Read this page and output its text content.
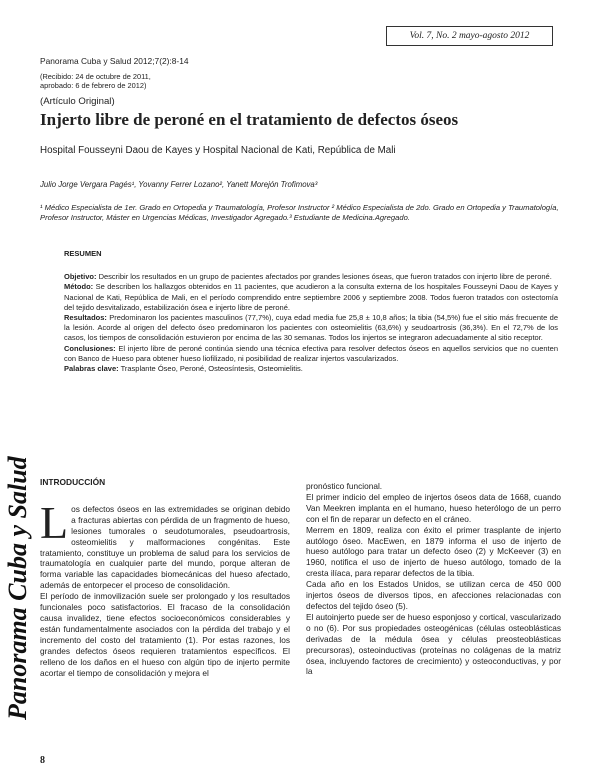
Vol. 7, No. 2 mayo-agosto 2012
Panorama Cuba y Salud 2012;7(2):8-14
(Recibido: 24 de octubre de 2011,
aprobado: 6 de febrero de 2012)
(Artículo Original)
Injerto libre de peroné en el tratamiento de defectos óseos
Hospital Fousseyni Daou de Kayes y Hospital Nacional de Kati, República de Mali
Julio Jorge Vergara Pagés¹, Yovanny Ferrer Lozano², Yanett Morejón Trofimova³
¹ Médico Especialista de 1er. Grado en Ortopedia y Traumatología, Profesor Instructor ² Médico Especialista de 2do. Grado en Ortopedia y Traumatología, Profesor Instructor, Máster en Urgencias Médicas, Investigador Agregado.³ Estudiante de Medicina.Agregado.
RESUMEN

Objetivo: Describir los resultados en un grupo de pacientes afectados por grandes lesiones óseas, que fueron tratados con injerto libre de peroné.

Método: Se describen los hallazgos obtenidos en 11 pacientes, que acudieron a la consulta externa de los hospitales Fousseyni Daou de Kayes y Nacional de Kati, República de Mali, en el período comprendido entre septiembre 2006 y septiembre 2008. Todos fueron tratados con ostectomía del tejido desvitalizado, estabilización ósea e injerto libre de peroné.

Resultados: Predominaron los pacientes masculinos (77,7%), cuya edad media fue 25,8 ± 10,8 años; la tibia (54,5%) fue el sitio más frecuente de la lesión. Acorde al origen del defecto óseo predominaron los pacientes con osteomielitis (63,6%) y seudoartrosis (36,3%). En el 72,7% de los casos, los tiempos de consolidación estuvieron por encima de las 30 semanas. Todos los injertos se integraron adecuadamente al sitio receptor.

Conclusiones: El injerto libre de peroné continúa siendo una técnica efectiva para resolver defectos óseos en aquellos servicios que no cuenten con Banco de Hueso para obtener hueso liofilizado, ni posibilidad de realizar injertos vascularizados.

Palabras clave: Trasplante Óseo, Peroné, Osteosíntesis, Osteomielitis.

Panorama Cuba y Salud INTRODUCCIÓN

Los defectos óseos en las extremidades se originan debido a fracturas abiertas con pérdida de un fragmento de hueso, lesiones tumorales o seudotumorales, pseudoartrosis, osteomielitis y malformaciones congénitas. Este tratamiento, constituye un problema de salud para los servicios de traumatología en cualquier parte del mundo, porque alteran de forma variable las capacidades biomecánicas del hueso afectado, además de entorpecer el proceso de consolidación.

El período de inmovilización suele ser prolongado y los resultados funcionales poco satisfactorios. El fracaso de la consolidación causa invalidez, tiene efectos socioeconómicos considerables y están fundamentalmente asociados con la pérdida del trabajo y el incremento del costo del tratamiento (1). Por estas razones, los grandes defectos óseos requieren tratamientos específicos. El relleno de los daños en el hueso con algún tipo de injerto permite acortar el tiempo de consolidación y mejora el

pronóstico funcional.

El primer indicio del empleo de injertos óseos data de 1668, cuando Van Meekren implanta en el humano, hueso heterólogo de un perro con el fin de reparar un defecto en el cráneo.

Merrem en 1809, realiza con éxito el primer trasplante de injerto autólogo óseo. MacEwen, en 1879 informa el uso de injerto de hueso autólogo para tratar un defecto óseo (2) y McKeever (3) en 1960, notifica el uso de injerto de hueso autólogo, tomado de la cresta ilíaca, para reparar defectos de la tibia.

Cada año en los Estados Unidos, se utilizan cerca de 450 000 injertos óseos de diversos tipos, en afecciones relacionadas con defectos del tejido óseo (5).

El autoinjerto puede ser de hueso esponjoso y cortical, vascularizado o no (6). Por sus propiedades osteogénicas (células osteoblásticas derivadas de la médula ósea y células preosteoblásticas precursoras), osteoinductivas (proteínas no colágenas de la matriz ósea, incluyendo factores de crecimiento) y osteoconductivas, y por la

8
